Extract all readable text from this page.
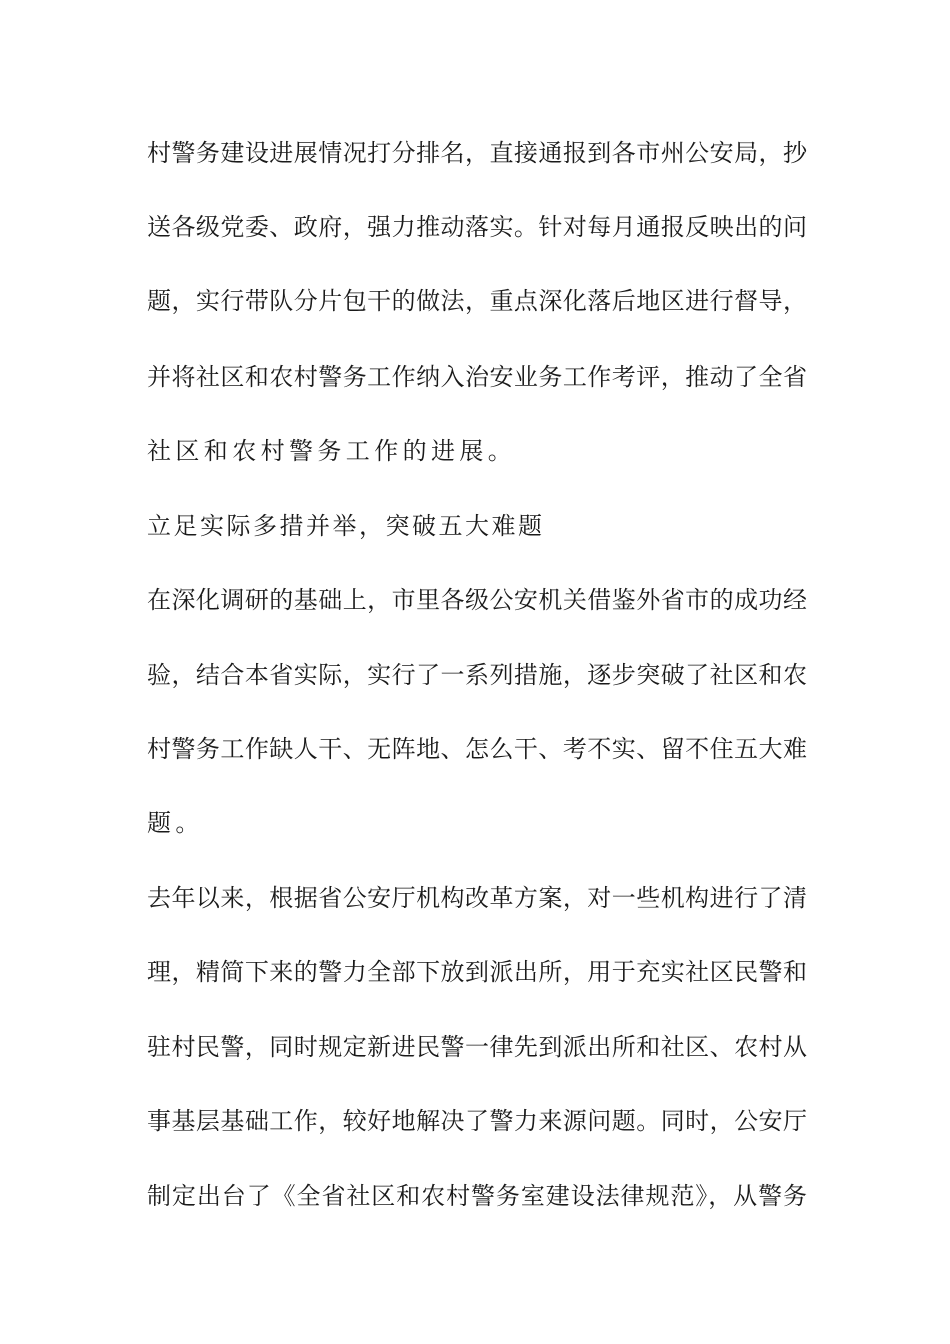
村警务建设进展情况打分排名，直接通报到各市州公安局，抄
送各级党委、政府，强力推动落实。针对每月通报反映出的问
题，实行带队分片包干的做法，重点深化落后地区进行督导，
并将社区和农村警务工作纳入治安业务工作考评，推动了全省
社区和农村警务工作的进展。
立足实际多措并举，突破五大难题
在深化调研的基础上，市里各级公安机关借鉴外省市的成功经
验，结合本省实际，实行了一系列措施，逐步突破了社区和农
村警务工作缺人干、无阵地、怎么干、考不实、留不住五大难
题。
去年以来，根据省公安厅机构改革方案，对一些机构进行了清
理，精简下来的警力全部下放到派出所，用于充实社区民警和
驻村民警，同时规定新进民警一律先到派出所和社区、农村从
事基层基础工作，较好地解决了警力来源问题。同时，公安厅
制定出台了《全省社区和农村警务室建设法律规范》，从警务
